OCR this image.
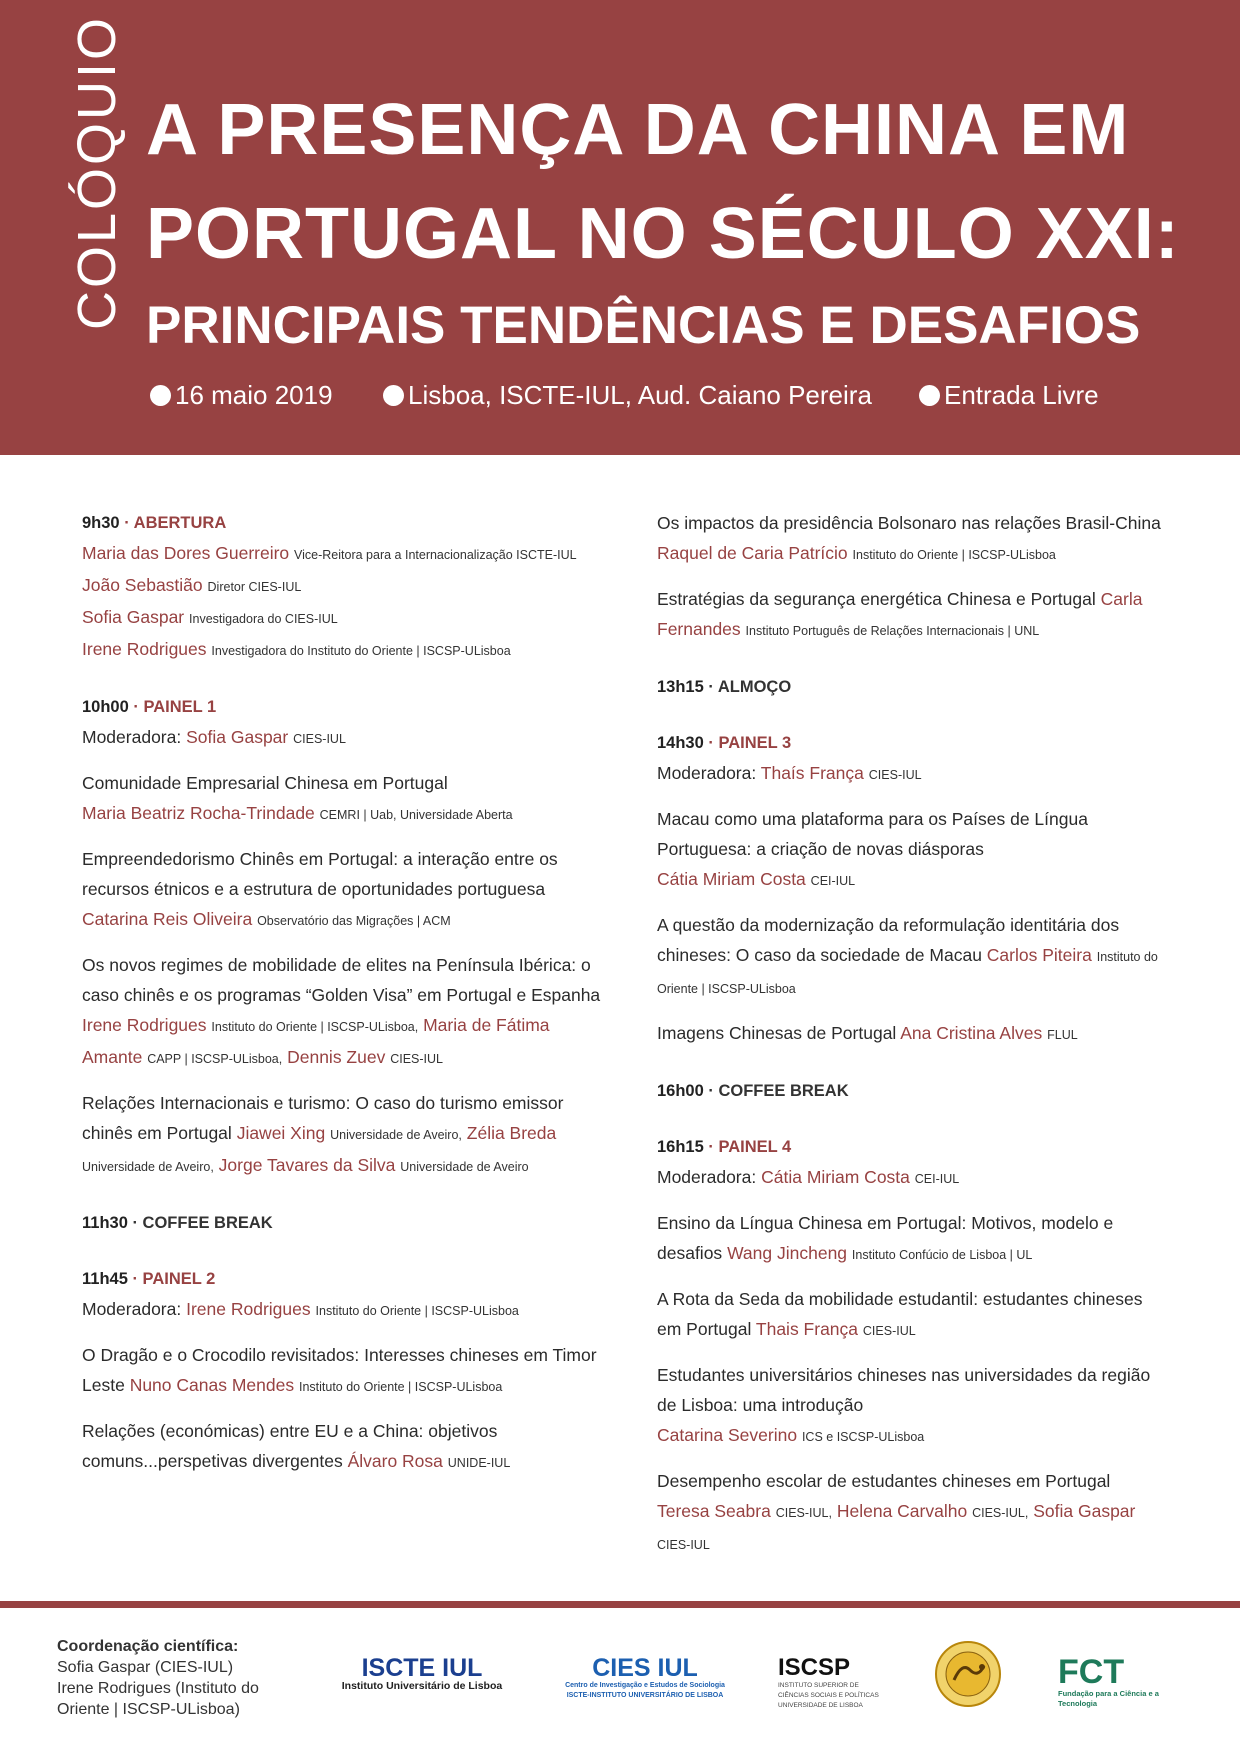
COLÓQUIO A PRESENÇA DA CHINA EM
PORTUGAL NO SÉCULO XXI:
PRINCIPAIS TENDÊNCIAS E DESAFIOS
16 maio 2019	Lisboa, ISCTE-IUL, Aud. Caiano Pereira	Entrada Livre

9h30 · ABERTURA

Maria das Dores Guerreiro Vice-Reitora para a Internacionalização ISCTE-IUL

João Sebastião Diretor CIES-IUL

Sofia Gaspar Investigadora do CIES-IUL

Irene Rodrigues Investigadora do Instituto do Oriente | ISCSP-ULisboa

10h00 · PAINEL 1

Moderadora: Sofia Gaspar CIES-IUL

Comunidade Empresarial Chinesa em Portugal
Maria Beatriz Rocha-Trindade CEMRI | Uab, Universidade Aberta

Empreendedorismo Chinês em Portugal: a interação entre os recursos étnicos e a estrutura de oportunidades portuguesa Catarina Reis Oliveira Observatório das Migrações | ACM

Os novos regimes de mobilidade de elites na Península Ibérica: o caso chinês e os programas “Golden Visa” em Portugal e Espanha Irene Rodrigues Instituto do Oriente | ISCSP-ULisboa, Maria de Fátima Amante CAPP | ISCSP-ULisboa, Dennis Zuev CIES-IUL

Relações Internacionais e turismo: O caso do turismo emissor chinês em Portugal Jiawei Xing Universidade de Aveiro, Zélia Breda Universidade de Aveiro, Jorge Tavares da Silva Universidade de Aveiro

11h30 · COFFEE BREAK

11h45 · PAINEL 2

Moderadora: Irene Rodrigues Instituto do Oriente | ISCSP-ULisboa

O Dragão e o Crocodilo revisitados: Interesses chineses em Timor Leste Nuno Canas Mendes Instituto do Oriente | ISCSP-ULisboa

Relações (económicas) entre EU e a China: objetivos comuns...perspetivas divergentes Álvaro Rosa UNIDE-IUL

Os impactos da presidência Bolsonaro nas relações Brasil-China Raquel de Caria Patrício Instituto do Oriente | ISCSP-ULisboa

Estratégias da segurança energética Chinesa e Portugal Carla Fernandes Instituto Português de Relações Internacionais | UNL

13h15 · ALMOÇO

14h30 · PAINEL 3

Moderadora: Thaís França CIES-IUL

Macau como uma plataforma para os Países de Língua Portuguesa: a criação de novas diásporas
Cátia Miriam Costa CEI-IUL

A questão da modernização da reformulação identitária dos chineses: O caso da sociedade de Macau Carlos Piteira Instituto do Oriente | ISCSP-ULisboa

Imagens Chinesas de Portugal Ana Cristina Alves FLUL

16h00 · COFFEE BREAK

16h15 · PAINEL 4

Moderadora: Cátia Miriam Costa CEI-IUL

Ensino da Língua Chinesa em Portugal: Motivos, modelo e desafios Wang Jincheng Instituto Confúcio de Lisboa | UL

A Rota da Seda da mobilidade estudantil: estudantes chineses em Portugal Thais França CIES-IUL

Estudantes universitários chineses nas universidades da região de Lisboa: uma introdução
Catarina Severino ICS e ISCSP-ULisboa

Desempenho escolar de estudantes chineses em Portugal
Teresa Seabra CIES-IUL, Helena Carvalho CIES-IUL, Sofia Gaspar CIES-IUL

Coordenação científica:
Sofia Gaspar (CIES-IUL)
Irene Rodrigues (Instituto do Oriente | ISCSP-ULisboa)
ISCTE IUL
Instituto Universitário de Lisboa
CIES IUL
Centro de Investigação e Estudos de Sociologia ISCTE-INSTITUTO UNIVERSITÁRIO DE LISBOA
ISCSP
INSTITUTO SUPERIOR DE CIÊNCIAS SOCIAIS E POLÍTICAS UNIVERSIDADE DE LISBOA
FCT
Fundação para a Ciência e a Tecnologia
